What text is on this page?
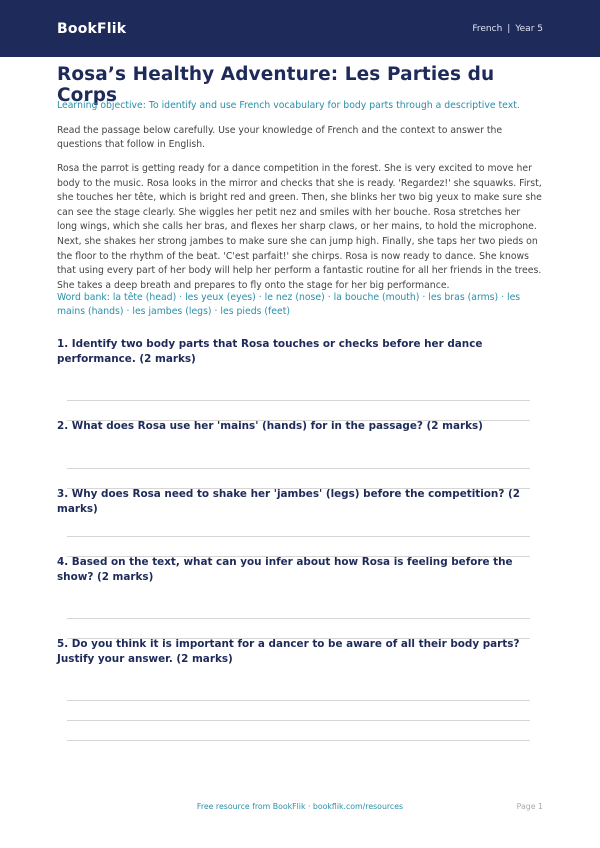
BookFlik	French | Year 5
Rosa’s Healthy Adventure: Les Parties du Corps
Learning objective: To identify and use French vocabulary for body parts through a descriptive text.
Read the passage below carefully. Use your knowledge of French and the context to answer the questions that follow in English.
Rosa the parrot is getting ready for a dance competition in the forest. She is very excited to move her body to the music. Rosa looks in the mirror and checks that she is ready. 'Regardez!' she squawks. First, she touches her tête, which is bright red and green. Then, she blinks her two big yeux to make sure she can see the stage clearly. She wiggles her petit nez and smiles with her bouche. Rosa stretches her long wings, which she calls her bras, and flexes her sharp claws, or her mains, to hold the microphone. Next, she shakes her strong jambes to make sure she can jump high. Finally, she taps her two pieds on the floor to the rhythm of the beat. 'C'est parfait!' she chirps. Rosa is now ready to dance. She knows that using every part of her body will help her perform a fantastic routine for all her friends in the trees. She takes a deep breath and prepares to fly onto the stage for her big performance.
Word bank: la tête (head) · les yeux (eyes) · le nez (nose) · la bouche (mouth) · les bras (arms) · les mains (hands) · les jambes (legs) · les pieds (feet)
1. Identify two body parts that Rosa touches or checks before her dance performance. (2 marks)
2. What does Rosa use her 'mains' (hands) for in the passage? (2 marks)
3. Why does Rosa need to shake her 'jambes' (legs) before the competition? (2 marks)
4. Based on the text, what can you infer about how Rosa is feeling before the show? (2 marks)
5. Do you think it is important for a dancer to be aware of all their body parts? Justify your answer. (2 marks)
Free resource from BookFlik · bookflik.com/resources	Page 1
